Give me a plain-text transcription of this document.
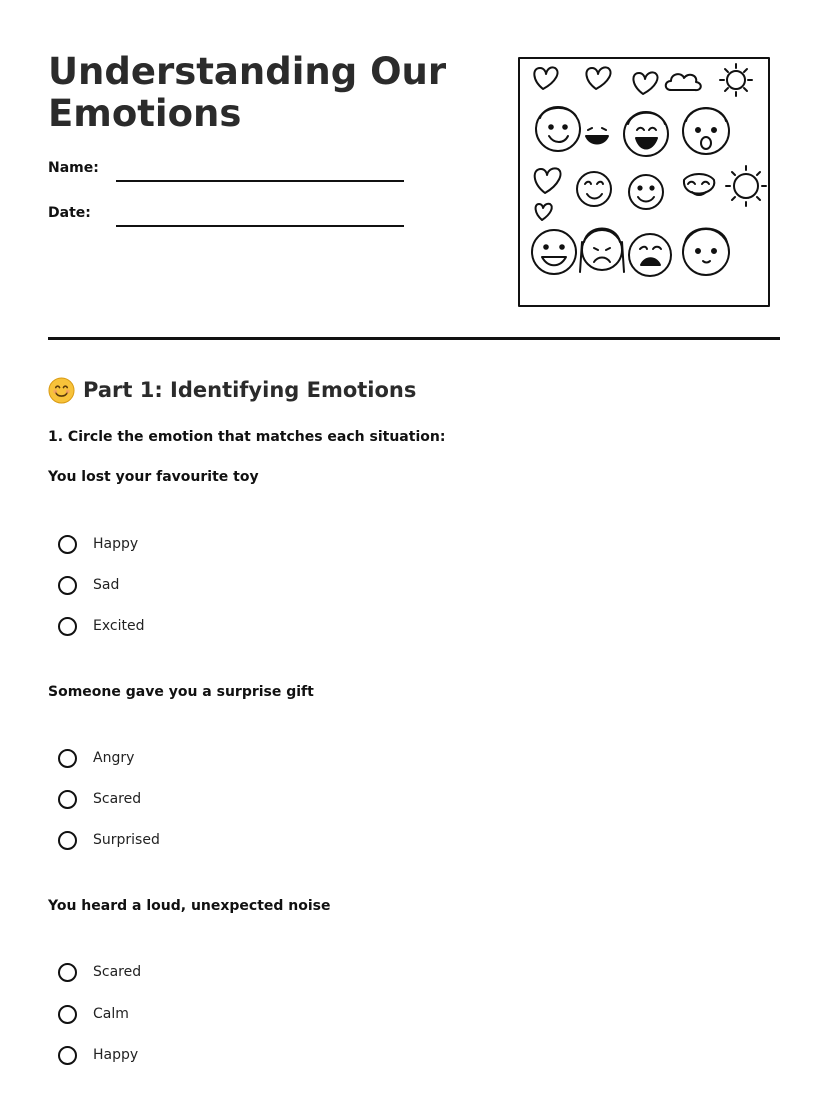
Understanding Our Emotions
Name:
Date:
Part 1: Identifying Emotions
1. Circle the emotion that matches each situation:
You lost your favourite toy
Happy
Sad
Excited
Someone gave you a surprise gift
Angry
Scared
Surprised
You heard a loud, unexpected noise
Scared
Calm
Happy
